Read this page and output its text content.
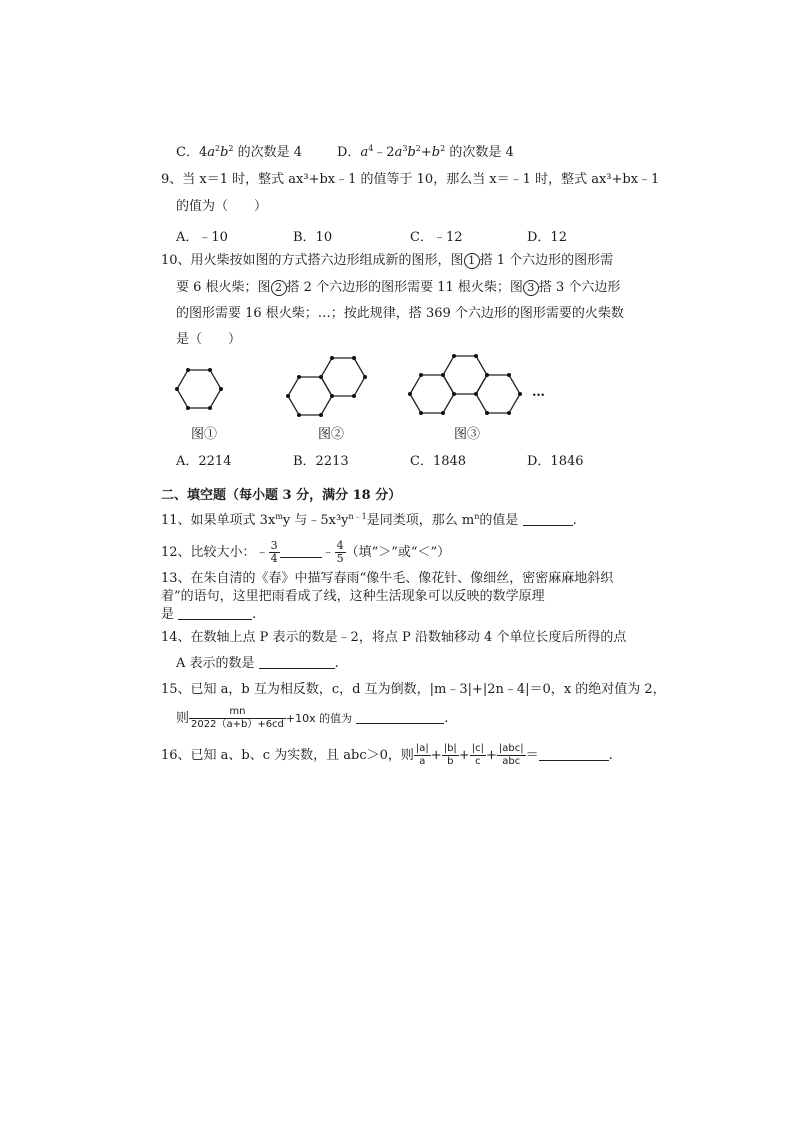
C．$4a^2b^2$ 的次数是 4	D．$a^4﹣2a^3b^2+b^2$ 的次数是 4
9、当 x＝1 时，整式 ax³+bx﹣1 的值等于 10，那么当 x＝﹣1 时，整式 ax³+bx﹣1
的值为（　　）
A．﹣10	B．10	C．﹣12	D．12
10、用火柴按如图的方式搭六边形组成新的图形，图 1 搭 1 个六边形的图形需
要 6 根火柴；图 2 搭 2 个六边形的图形需要 11 根火柴；图 3 搭 3 个六边形
的图形需要 16 根火柴；…；按此规律，搭 369 个六边形的图形需要的火柴数
是（　　）
…
图①	图②	图③
A．2214	B．2213	C．1848	D．1846
二、填空题（每小题 3 分，满分 18 分）
11、如果单项式 $3x^my$ 与$﹣5x^3y^{n﹣1}$是同类项，那么 $m^n$的值是	.
12、比较大小：﹣ $\frac{3}{4}$	﹣ $\frac{4}{5}$ （填“＞”或“＜”）
13、在朱自清的《春》中描写春雨“像牛毛、像花针、像细丝，密密麻麻地斜织
着”的语句，这里把雨看成了线，这种生活现象可以反映的数学原理
是	.
14、在数轴上点 P 表示的数是﹣2，将点 P 沿数轴移动 4 个单位长度后所得的点
A 表示的数是	.
15、已知 a，b 互为相反数，c，d 互为倒数，|m﹣3|+|2n﹣4|＝0，x 的绝对值为 2，
则 $\frac{mn}{2022(a+b)+6cd} +10x$ 的值为	.
16、已知 a、b、c 为实数，且 abc＞0，则 $\frac{|a|}{a} + \frac{|b|}{b} + \frac{|c|}{c} + \frac{\text{|abc|}}{\text{abc}}$ ＝	.
